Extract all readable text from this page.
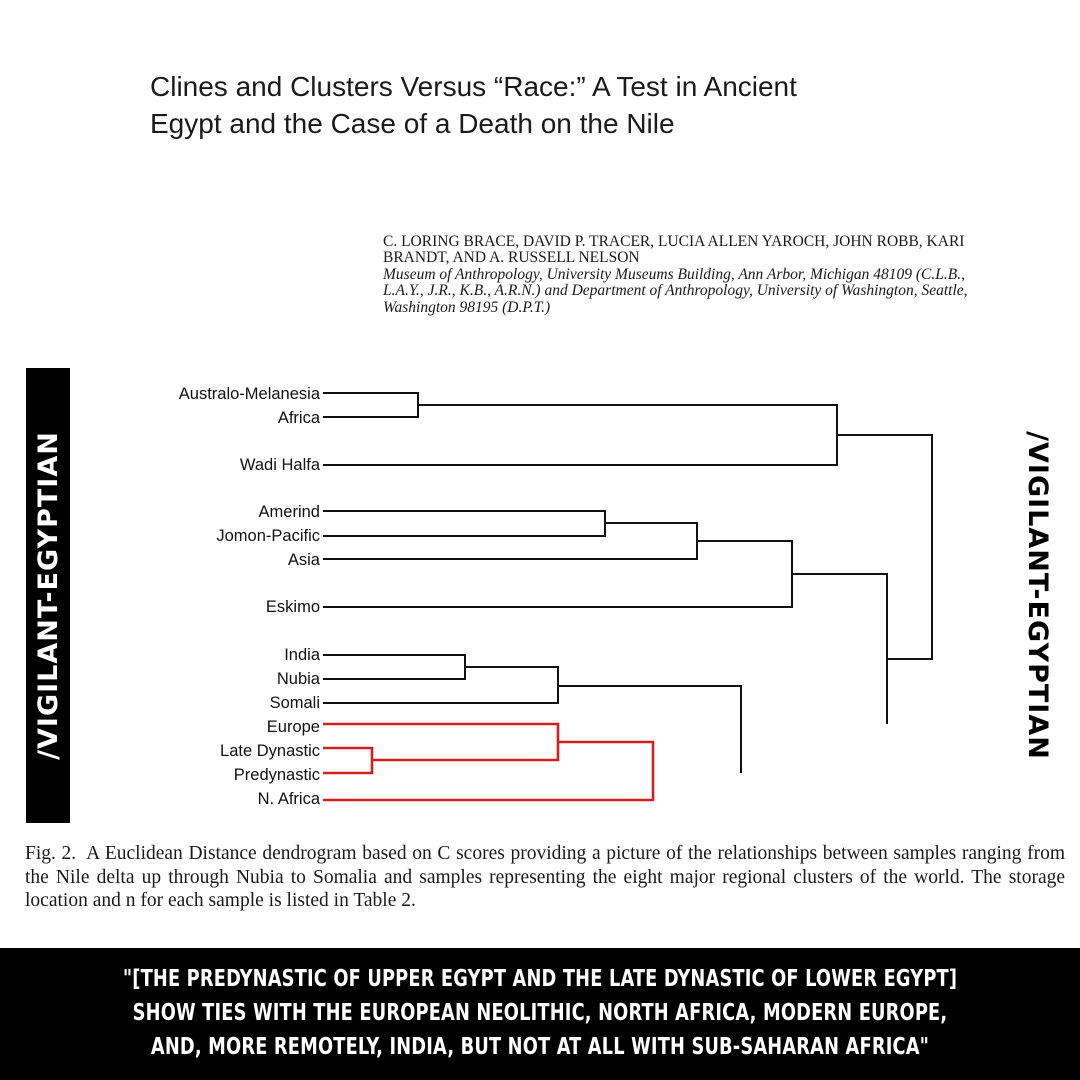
Clines and Clusters Versus “Race:” A Test in Ancient
Egypt and the Case of a Death on the Nile
C. LORING BRACE, DAVID P. TRACER, LUCIA ALLEN YAROCH, JOHN ROBB, KARI BRANDT, AND A. RUSSELL NELSON
Museum of Anthropology, University Museums Building, Ann Arbor, Michigan 48109 (C.L.B., L.A.Y., J.R., K.B., A.R.N.) and Department of Anthropology, University of Washington, Seattle, Washington 98195 (D.P.T.)
/VIGILANT-EGYPTIAN	/VIGILANT-EGYPTIAN
Australo-Melanesia
Africa
Wadi Halfa
Amerind
Jomon-Pacific
Asia
Eskimo
India
Nubia
Somali
Europe
Late Dynastic
Predynastic
N. Africa
Fig. 2. A Euclidean Distance dendrogram based on C scores providing a picture of the relationships between samples ranging from the Nile delta up through Nubia to Somalia and samples representing the eight major regional clusters of the world. The storage location and n for each sample is listed in Table 2.
"[THE PREDYNASTIC OF UPPER EGYPT AND THE LATE DYNASTIC OF LOWER EGYPT]
SHOW TIES WITH THE EUROPEAN NEOLITHIC, NORTH AFRICA, MODERN EUROPE,
AND, MORE REMOTELY, INDIA, BUT NOT AT ALL WITH SUB-SAHARAN AFRICA"
